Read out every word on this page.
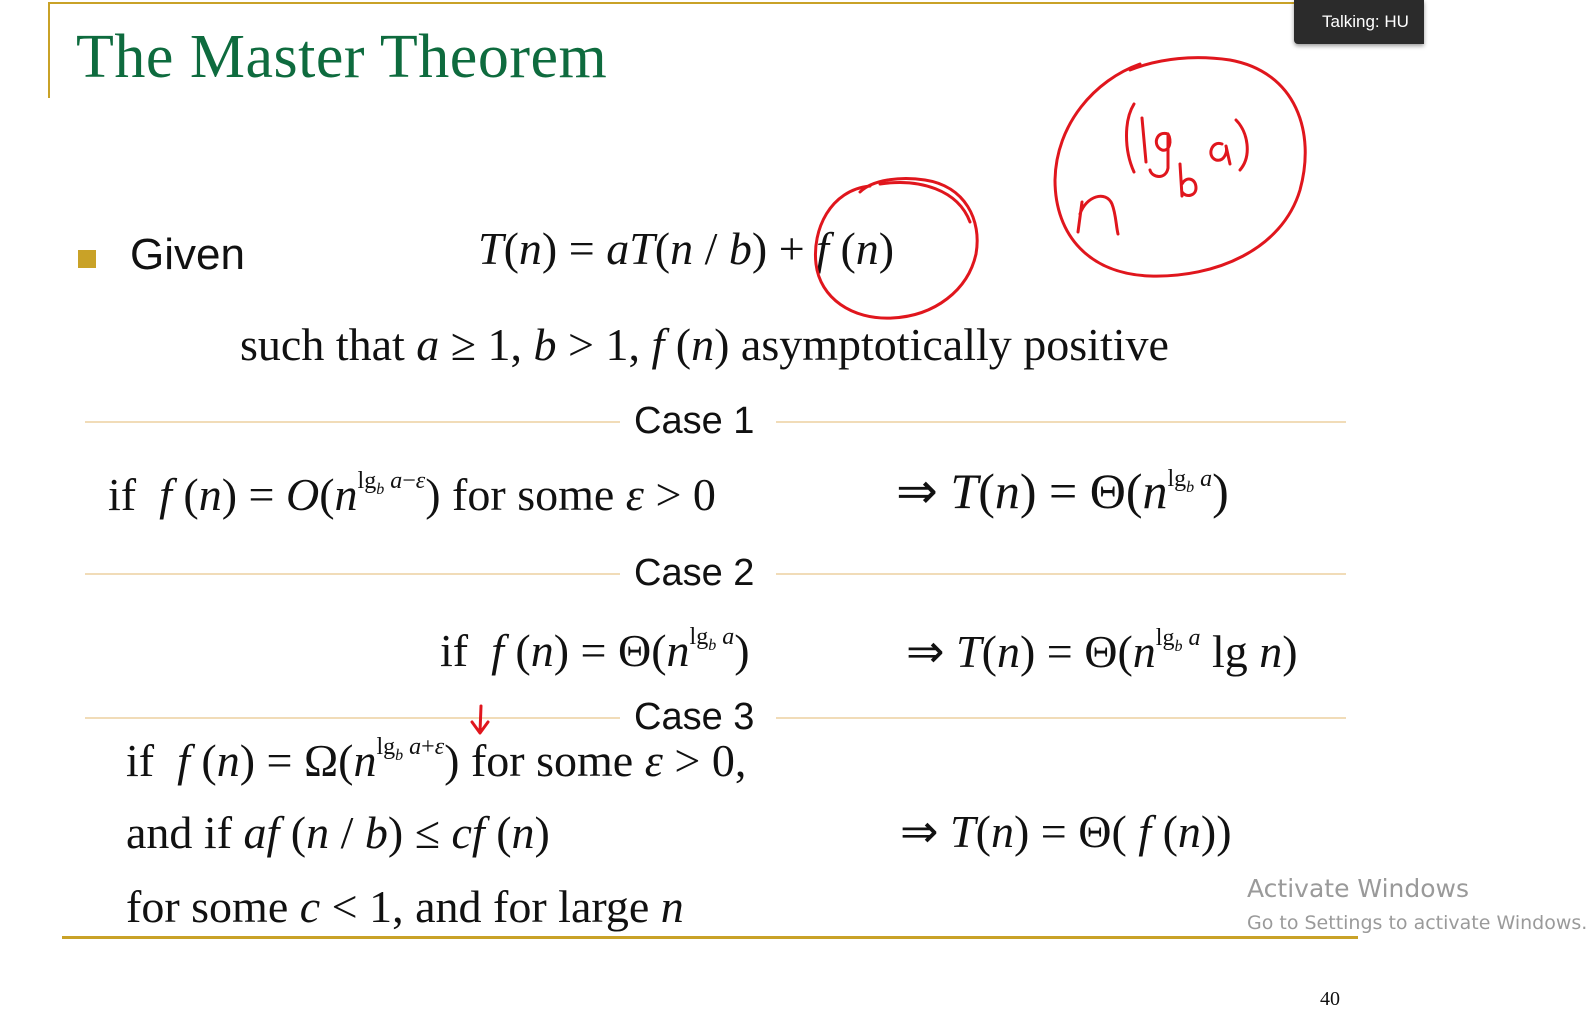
The Master Theorem
Given	T(n) = aT(n / b) + f (n)
such that a ≥ 1, b > 1, f (n) asymptotically positive
Case 1
if  f $(n) = O(n^{lg_b a-\varepsilon})$ for some ε > 0	⇒ $T(n) = \Theta(n^{lg_b a})$
Case 2
if  f $(n) = \Theta(n^{lg_b a})$	⇒ $T(n) = \Theta(n^{lg_b a}$ lg n)
Case 3
if  f $(n) = \Omega(n^{lg_b a+\varepsilon})$ for some ε > 0,
and if af (n / b) ≤ cf (n)
for some c < 1, and for large n
⇒ T(n) = Θ( f (n))
Talking: HU
Activate Windows
Go to Settings to activate Windows.
40
